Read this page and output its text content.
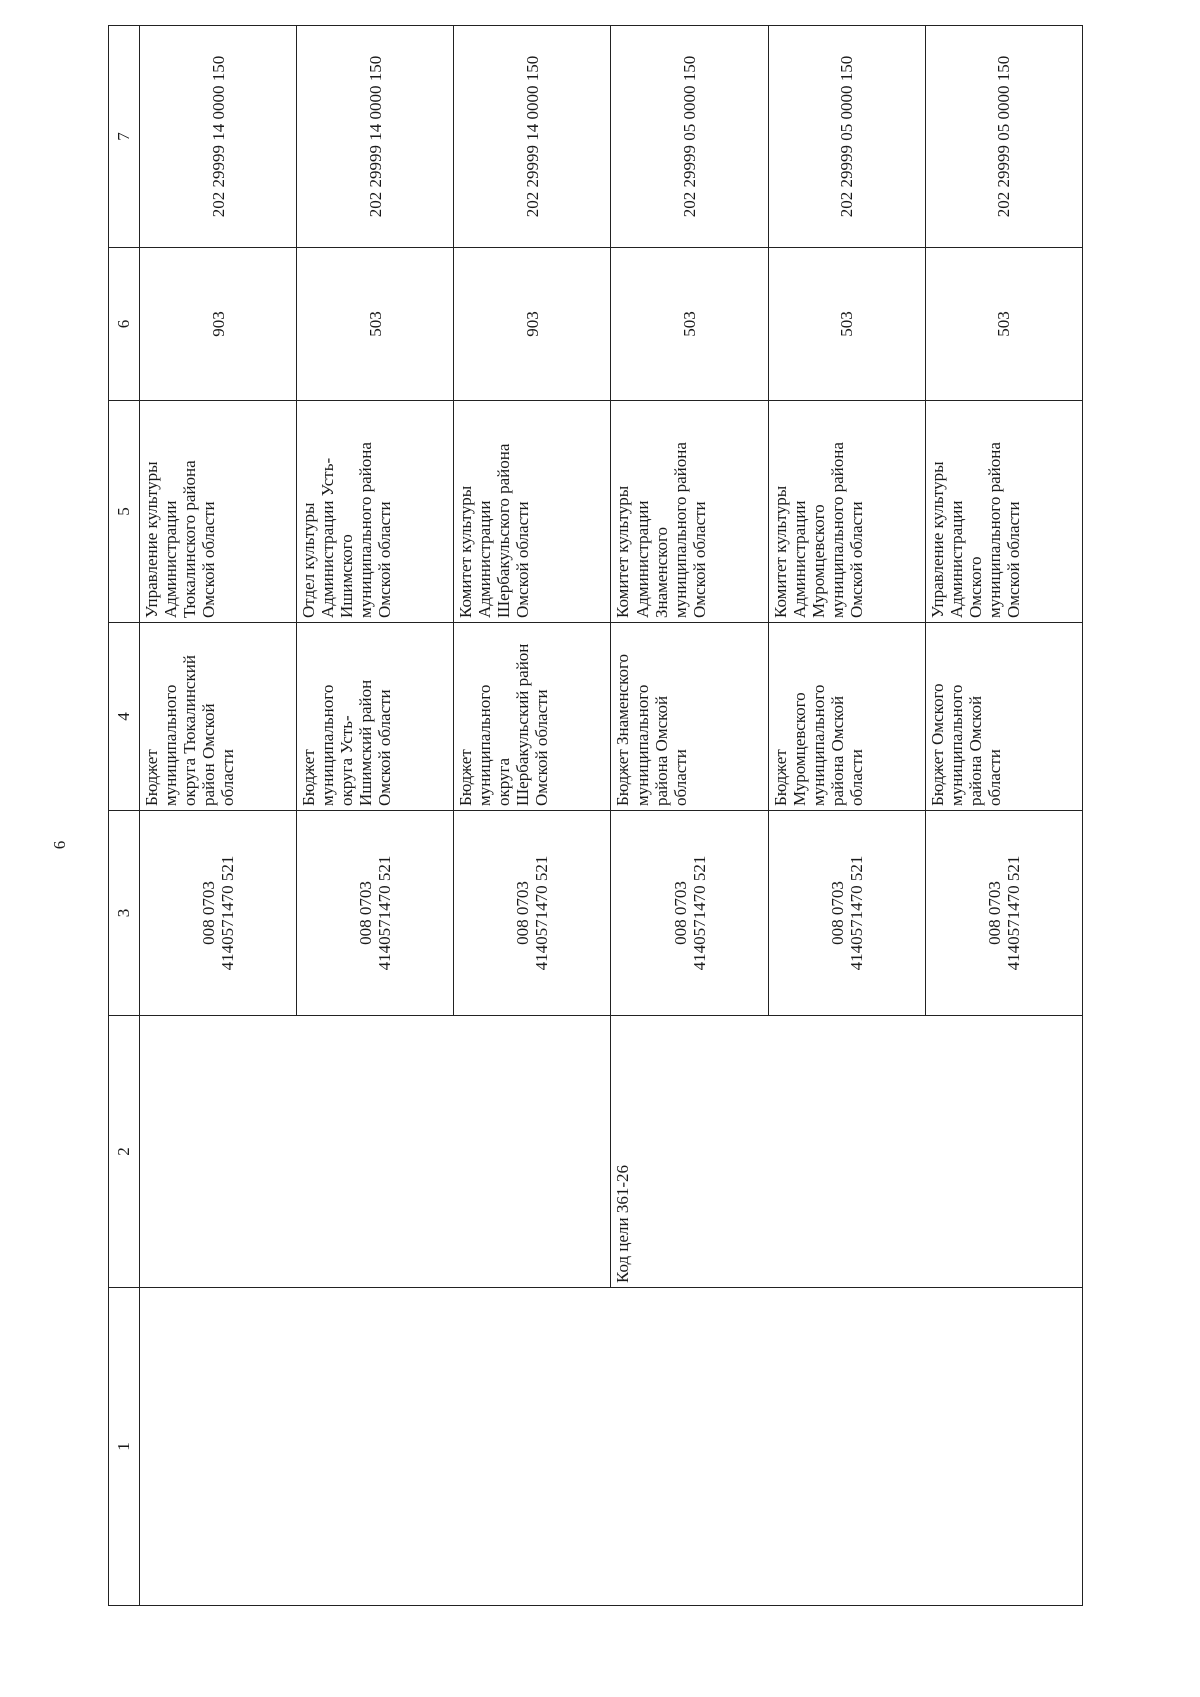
6
1	2	3	4	5	6	7
		008 0703
4140571470 521	Бюджет
муниципального
округа Тюкалинский
район Омской
области	Управление культуры
Администрации
Тюкалинского района
Омской области	903	202 29999 14 0000 150
		008 0703
4140571470 521	Бюджет
муниципального
округа Усть-
Ишимский район
Омской области	Отдел культуры
Администрации Усть-
Ишимского
муниципального района
Омской области	503	202 29999 14 0000 150
		008 0703
4140571470 521	Бюджет
муниципального
округа
Шербакульский район
Омской области	Комитет культуры
Администрации
Шербакульского района
Омской области	903	202 29999 14 0000 150
	Код цели 361-26	008 0703
4140571470 521	Бюджет Знаменского
муниципального
района Омской
области	Комитет культуры
Администрации
Знаменского
муниципального района
Омской области	503	202 29999 05 0000 150
		008 0703
4140571470 521	Бюджет
Муромцевского
муниципального
района Омской
области	Комитет культуры
Администрации
Муромцевского
муниципального района
Омской области	503	202 29999 05 0000 150
		008 0703
4140571470 521	Бюджет Омского
муниципального
района Омской
области	Управление культуры
Администрации
Омского
муниципального района
Омской области	503	202 29999 05 0000 150
